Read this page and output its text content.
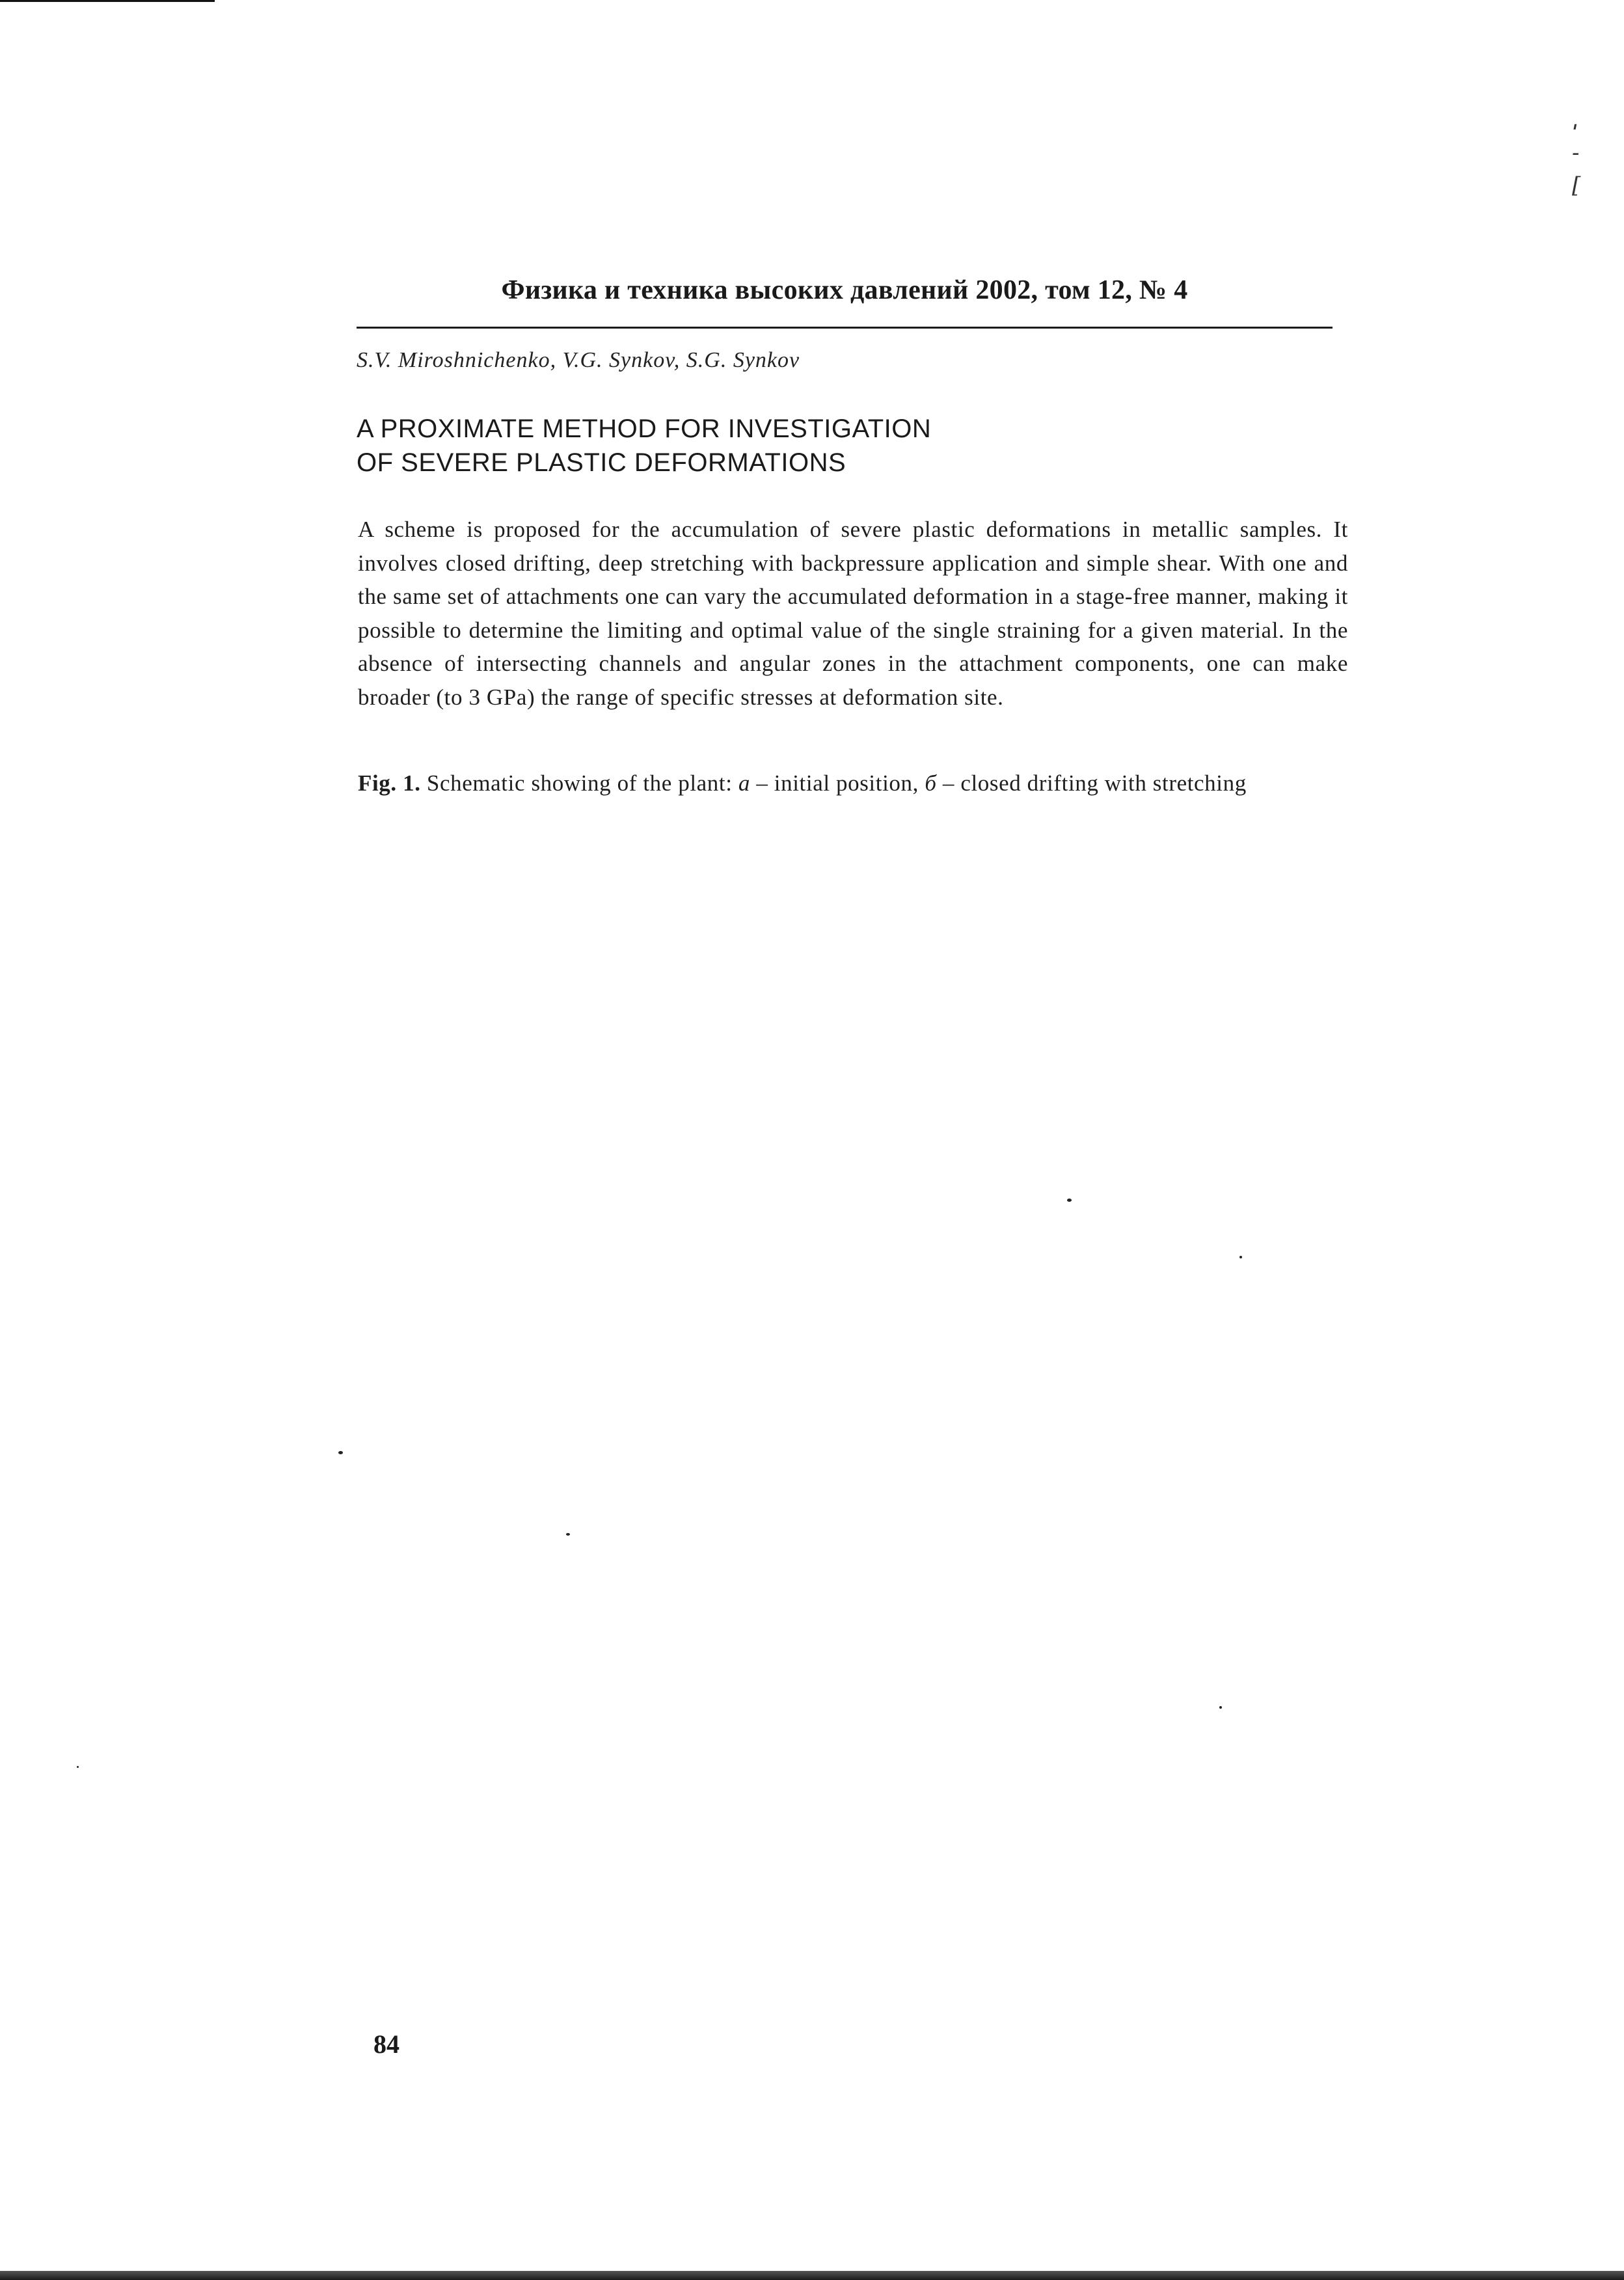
ˌ
-
[
Физика и техника высоких давлений 2002, том 12, № 4
S.V. Miroshnichenko, V.G. Synkov, S.G. Synkov
A PROXIMATE METHOD FOR INVESTIGATION
OF SEVERE PLASTIC DEFORMATIONS

A scheme is proposed for the accumulation of severe plastic deformations in metallic samples. It involves closed drifting, deep stretching with backpressure application and simple shear. With one and the same set of attachments one can vary the accumulated deformation in a stage-free manner, making it possible to determine the limiting and optimal value of the single straining for a given material. In the absence of intersecting channels and angular zones in the attachment components, one can make broader (to 3 GPa) the range of specific stresses at deformation site.

Fig. 1. Schematic showing of the plant: a – initial position, б – closed drifting with stretching

84
